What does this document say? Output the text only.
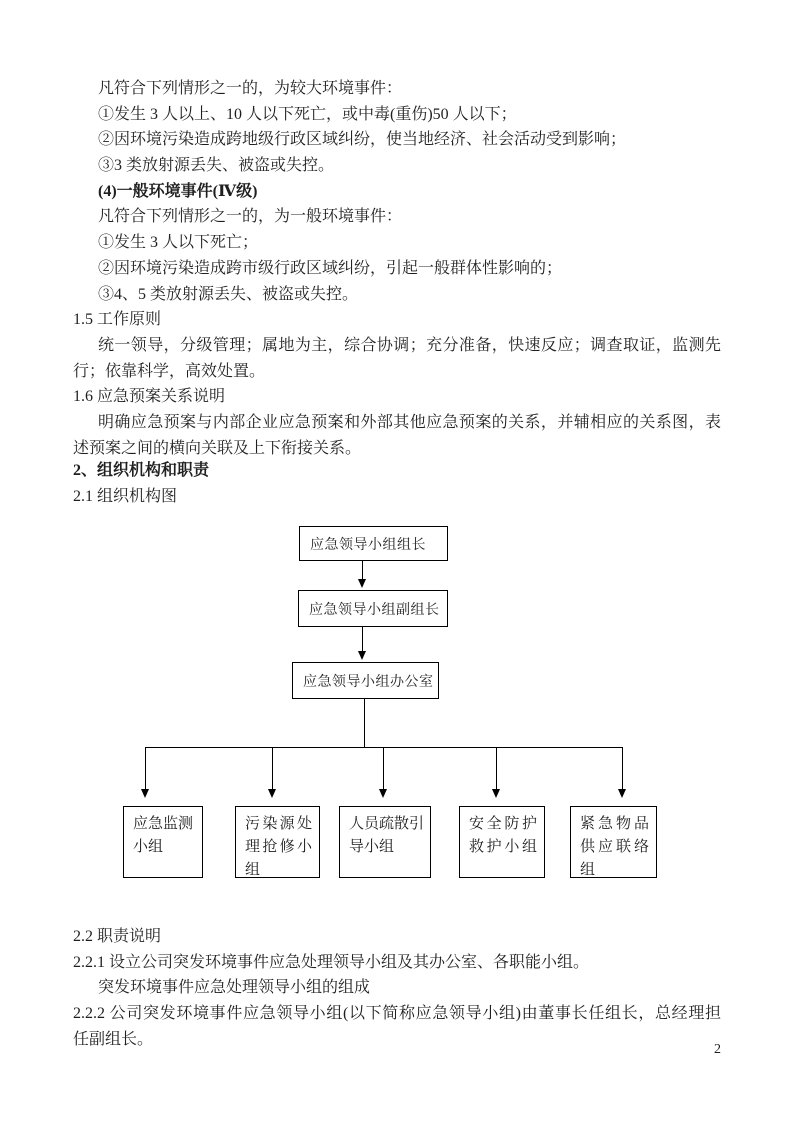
凡符合下列情形之一的，为较大环境事件：
①发生 3 人以上、10 人以下死亡，或中毒(重伤)50 人以下；
②因环境污染造成跨地级行政区域纠纷，使当地经济、社会活动受到影响；
③3 类放射源丢失、被盗或失控。
(4)一般环境事件(Ⅳ级)
凡符合下列情形之一的，为一般环境事件：
①发生 3 人以下死亡；
②因环境污染造成跨市级行政区域纠纷，引起一般群体性影响的；
③4、5 类放射源丢失、被盗或失控。
1.5 工作原则
统一领导，分级管理；属地为主，综合协调；充分准备，快速反应；调查取证，监测先
行；依靠科学，高效处置。
1.6 应急预案关系说明
明确应急预案与内部企业应急预案和外部其他应急预案的关系，并辅相应的关系图，表
述预案之间的横向关联及上下衔接关系。
2、组织机构和职责
2.1 组织机构图
应急领导小组组长
应急领导小组副组长
应急领导小组办公室
应急监测
小组
污染源处
理抢修小
组
人员疏散引
导小组
安全防护
救护小组
紧急物品
供应联络
组
2.2 职责说明
2.2.1 设立公司突发环境事件应急处理领导小组及其办公室、各职能小组。
突发环境事件应急处理领导小组的组成
2.2.2 公司突发环境事件应急领导小组(以下简称应急领导小组)由董事长任组长，总经理担
任副组长。
2
